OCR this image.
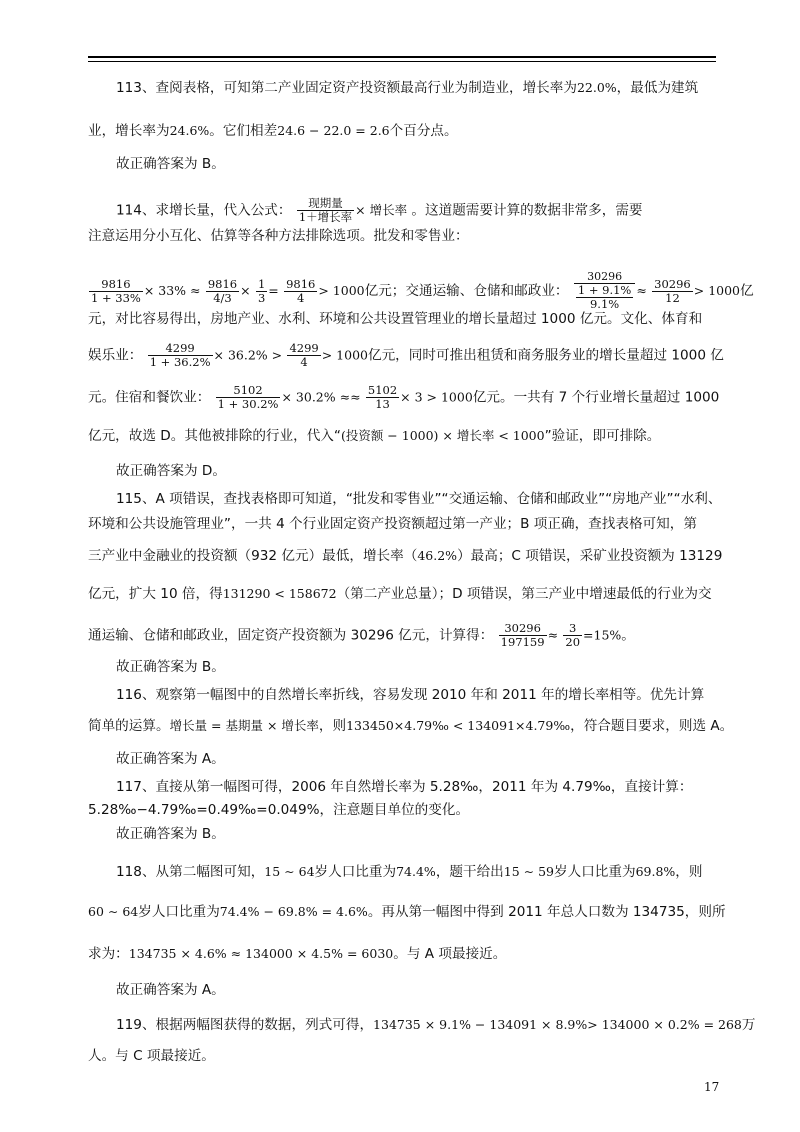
113、查阅表格，可知第二产业固定资产投资额最高行业为制造业，增长率为22.0%，最低为建筑
业，增长率为24.6%。它们相差24.6 − 22.0 = 2.6个百分点。
故正确答案为 B。
114、求增长量，代入公式： $\frac{\text{现期量}}{\text{1＋增长率}}$ × 增长率 。这道题需要计算的数据非常多，需要
注意运用分小互化、估算等各种方法排除选项。批发和零售业：
$\frac{9816}{1 + 33\%} \times 33\% \approx \frac{9816}{4/3} \times \frac{1}{3} = \frac{9816}{4} > 1000$亿元；交通运输、仓储和邮政业： $\frac{30296}{\frac{1 + 9.1\%}{9.1\%}} \approx \frac{30296}{12} > 1000$亿
元，对比容易得出，房地产业、水利、环境和公共设置管理业的增长量超过 1000 亿元。文化、体育和
娱乐业： $\frac{4299}{1 + 36.2\%} \times 36.2\% > \frac{4299}{4} > 1000$亿元，同时可推出租赁和商务服务业的增长量超过 1000 亿
元。住宿和餐饮业： $\frac{5102}{1 + 30.2\%} \times 30.2\% \approx\approx \frac{5102}{13} \times 3 > 1000$亿元。一共有 7 个行业增长量超过 1000
亿元，故选 D。其他被排除的行业，代入“(投资额 − 1000) × 增长率 < 1000”验证，即可排除。
故正确答案为 D。
115、A 项错误，查找表格即可知道，“批发和零售业”“交通运输、仓储和邮政业”“房地产业”“水利、
环境和公共设施管理业”，一共 4 个行业固定资产投资额超过第一产业；B 项正确，查找表格可知，第
三产业中金融业的投资额（932 亿元）最低，增长率（46.2%）最高；C 项错误，采矿业投资额为 13129
亿元，扩大 10 倍，得131290 < 158672（第二产业总量）；D 项错误，第三产业中增速最低的行业为交
通运输、仓储和邮政业，固定资产投资额为 30296 亿元，计算得： $\frac{30296}{197159} \approx \frac{3}{20} =15\%$。
故正确答案为 B。
116、观察第一幅图中的自然增长率折线，容易发现 2010 年和 2011 年的增长率相等。优先计算
简单的运算。增长量 = 基期量 × 增长率，则133450×4.79‰ < 134091×4.79‰，符合题目要求，则选 A。
故正确答案为 A。
117、直接从第一幅图可得，2006 年自然增长率为 5.28‰，2011 年为 4.79‰，直接计算：
5.28‰−4.79‰=0.49‰=0.049%，注意题目单位的变化。
故正确答案为 B。
118、从第二幅图可知，15 ∼ 64岁人口比重为74.4%，题干给出15 ∼ 59岁人口比重为69.8%，则
60 ∼ 64岁人口比重为74.4% − 69.8% = 4.6%。再从第一幅图中得到 2011 年总人口数为 134735，则所
求为：134735 × 4.6% ≈ 134000 × 4.5% = 6030。与 A 项最接近。
故正确答案为 A。
119、根据两幅图获得的数据，列式可得，134735 × 9.1% − 134091 × 8.9%> 134000 × 0.2% = 268万
人。与 C 项最接近。
17
